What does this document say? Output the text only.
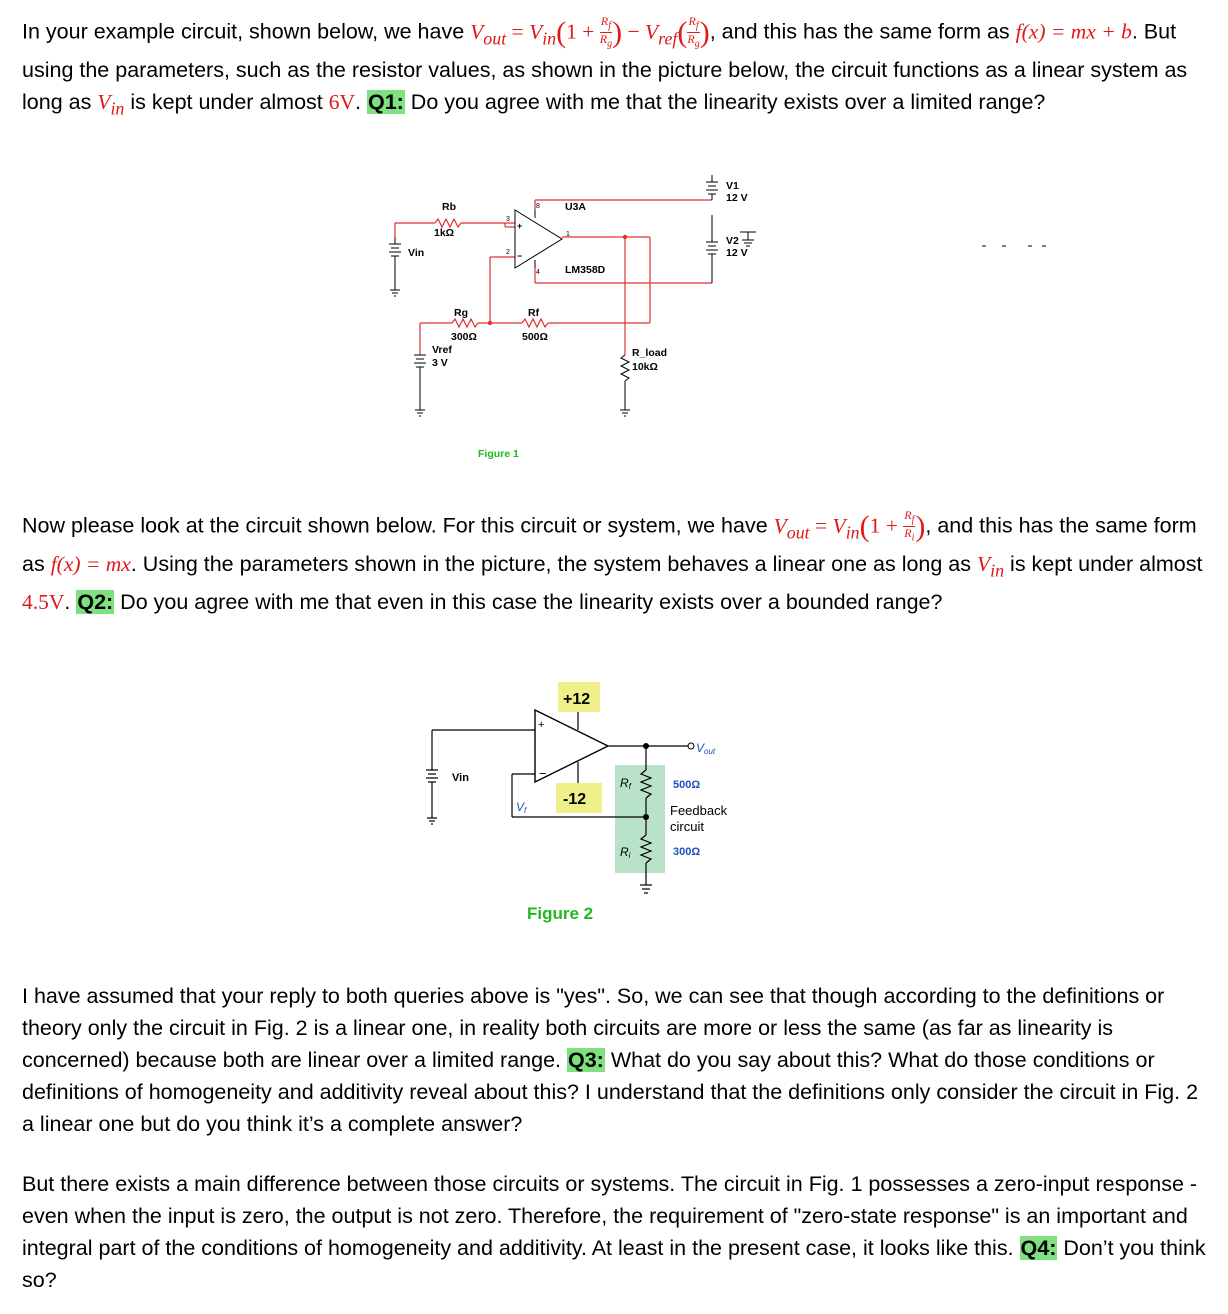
In your example circuit, shown below, we have $V_{out} = V_{in}(1 + \frac{R_f}{R_g}$ ) − $V_{ref}( \frac{R_f}{R_g}$ ), and this has the same form as f(x) = mx + b. But using the parameters, such as the resistor values, as shown in the picture below, the circuit functions as a linear system as long as $V_{in}$ is kept under almost 6V. Q1: Do you agree with me that the linearity exists over a limited range?
Rb
1kΩ
Vin
U3A
LM358D
V1
12 V
V2
12 V
Rg
300Ω
Rf
500Ω
Vref
3 V
R_load
10kΩ
8
3
2
4
1
+
−
Figure 1
Now please look at the circuit shown below. For this circuit or system, we have $V_{out} = V_{in}(1 + \frac{R_f}{R_i}$ ), and this has the same form as f(x) = mx. Using the parameters shown in the picture, the system behaves a linear one as long as $V_{in}$ is kept under almost 4.5V. Q2: Do you agree with me that even in this case the linearity exists over a bounded range?
+
−
+12
-12
Vin
Vout
Vf
Rf
Ri
500Ω
300Ω
Feedback
circuit
Figure 2
I have assumed that your reply to both queries above is "yes". So, we can see that though according to the definitions or theory only the circuit in Fig. 2 is a linear one, in reality both circuits are more or less the same (as far as linearity is concerned) because both are linear over a limited range. Q3: What do you say about this? What do those conditions or definitions of homogeneity and additivity reveal about this? I understand that the definitions only consider the circuit in Fig. 2 a linear one but do you think it’s a complete answer?
But there exists a main difference between those circuits or systems. The circuit in Fig. 1 possesses a zero-input response - even when the input is zero, the output is not zero. Therefore, the requirement of "zero-state response" is an important and integral part of the conditions of homogeneity and additivity. At least in the present case, it looks like this. Q4: Don’t you think so?
